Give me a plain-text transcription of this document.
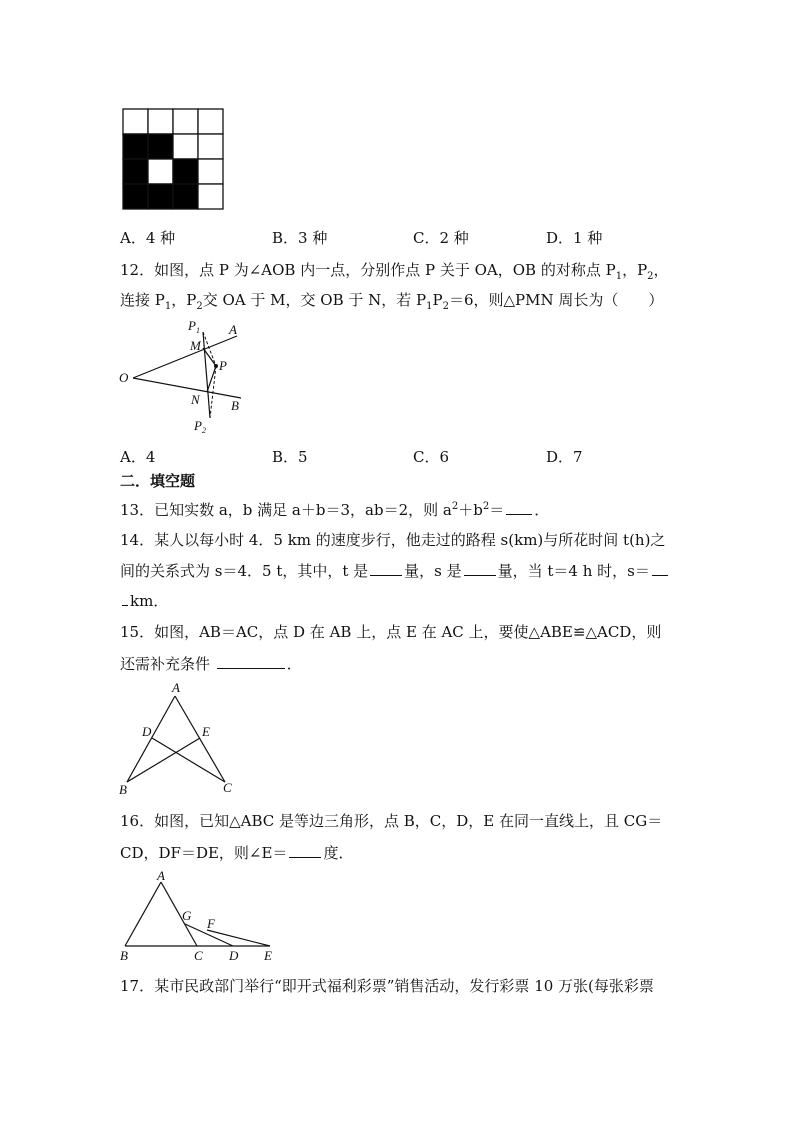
A．4 种	B．3 种	C．2 种	D．1 种
12．如图，点 P 为∠AOB 内一点，分别作点 P 关于 OA，OB 的对称点 $P_1$，$P_2$，
连接 $P_1$，$P_2$交 OA 于 M，交 OB 于 N，若 $P_1P_2=6$，则△PMN 周长为（　　）
O
A
B
M
N
P
$P_1$
$P_2$
A．4	B．5	C．6	D．7
二．填空题
13．已知实数 a，b 满足 a＋b＝3，ab＝2，则 $a^2+b^2=$ ．
14．某人以每小时 4．5 km 的速度步行，他走过的路程 s(km)与所花时间 t(h)之
间的关系式为 s＝4．5 t，其中，t 是 量，s 是 量，当 t＝4 h 时，s＝
km．
15．如图，AB＝AC，点 D 在 AB 上，点 E 在 AC 上，要使△ABE≌△ACD，则
还需补充条件	．
A
B	C
D	E
16．如图，已知△ABC 是等边三角形，点 B，C，D，E 在同一直线上，且 CG＝
CD，DF＝DE，则∠E＝ 度．
A
B	C D E
F
G
17．某市民政部门举行“即开式福利彩票”销售活动，发行彩票 10 万张(每张彩票
